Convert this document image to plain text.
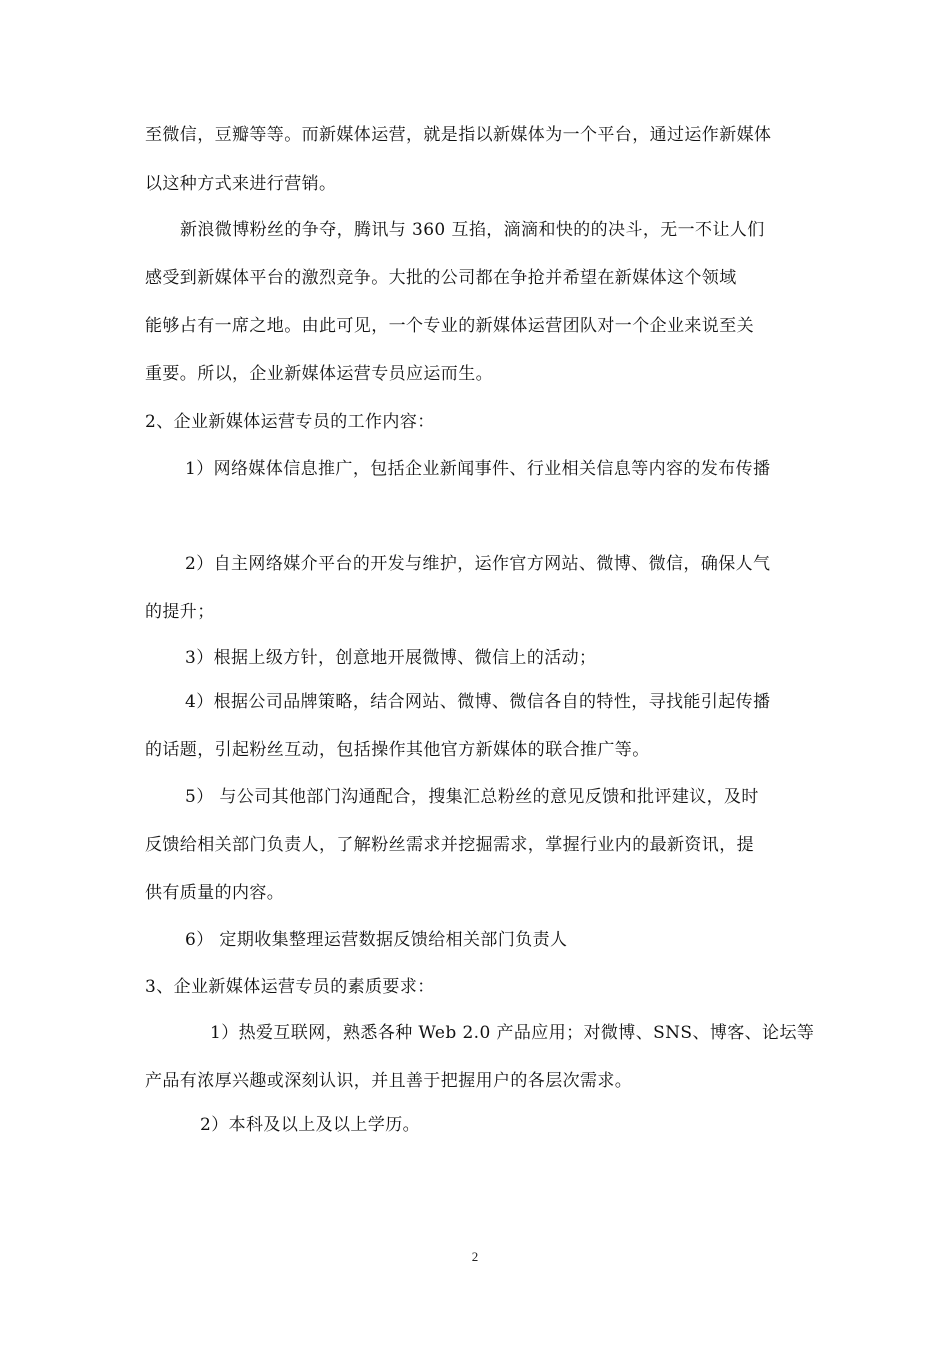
至微信，豆瓣等等。而新媒体运营，就是指以新媒体为一个平台，通过运作新媒体
以这种方式来进行营销。
新浪微博粉丝的争夺，腾讯与 360 互掐，滴滴和快的的决斗，无一不让人们
感受到新媒体平台的激烈竞争。大批的公司都在争抢并希望在新媒体这个领域
能够占有一席之地。由此可见，一个专业的新媒体运营团队对一个企业来说至关
重要。所以，企业新媒体运营专员应运而生。
2、企业新媒体运营专员的工作内容：
1）网络媒体信息推广，包括企业新闻事件、行业相关信息等内容的发布传播
2）自主网络媒介平台的开发与维护，运作官方网站、微博、微信，确保人气
的提升；
3）根据上级方针，创意地开展微博、微信上的活动；
4）根据公司品牌策略，结合网站、微博、微信各自的特性，寻找能引起传播
的话题，引起粉丝互动，包括操作其他官方新媒体的联合推广等。
5） 与公司其他部门沟通配合，搜集汇总粉丝的意见反馈和批评建议，及时
反馈给相关部门负责人，了解粉丝需求并挖掘需求，掌握行业内的最新资讯，提
供有质量的内容。
6） 定期收集整理运营数据反馈给相关部门负责人
3、企业新媒体运营专员的素质要求：
1）热爱互联网，熟悉各种 Web 2.0 产品应用；对微博、SNS、博客、论坛等
产品有浓厚兴趣或深刻认识，并且善于把握用户的各层次需求。
2）本科及以上及以上学历。
2
